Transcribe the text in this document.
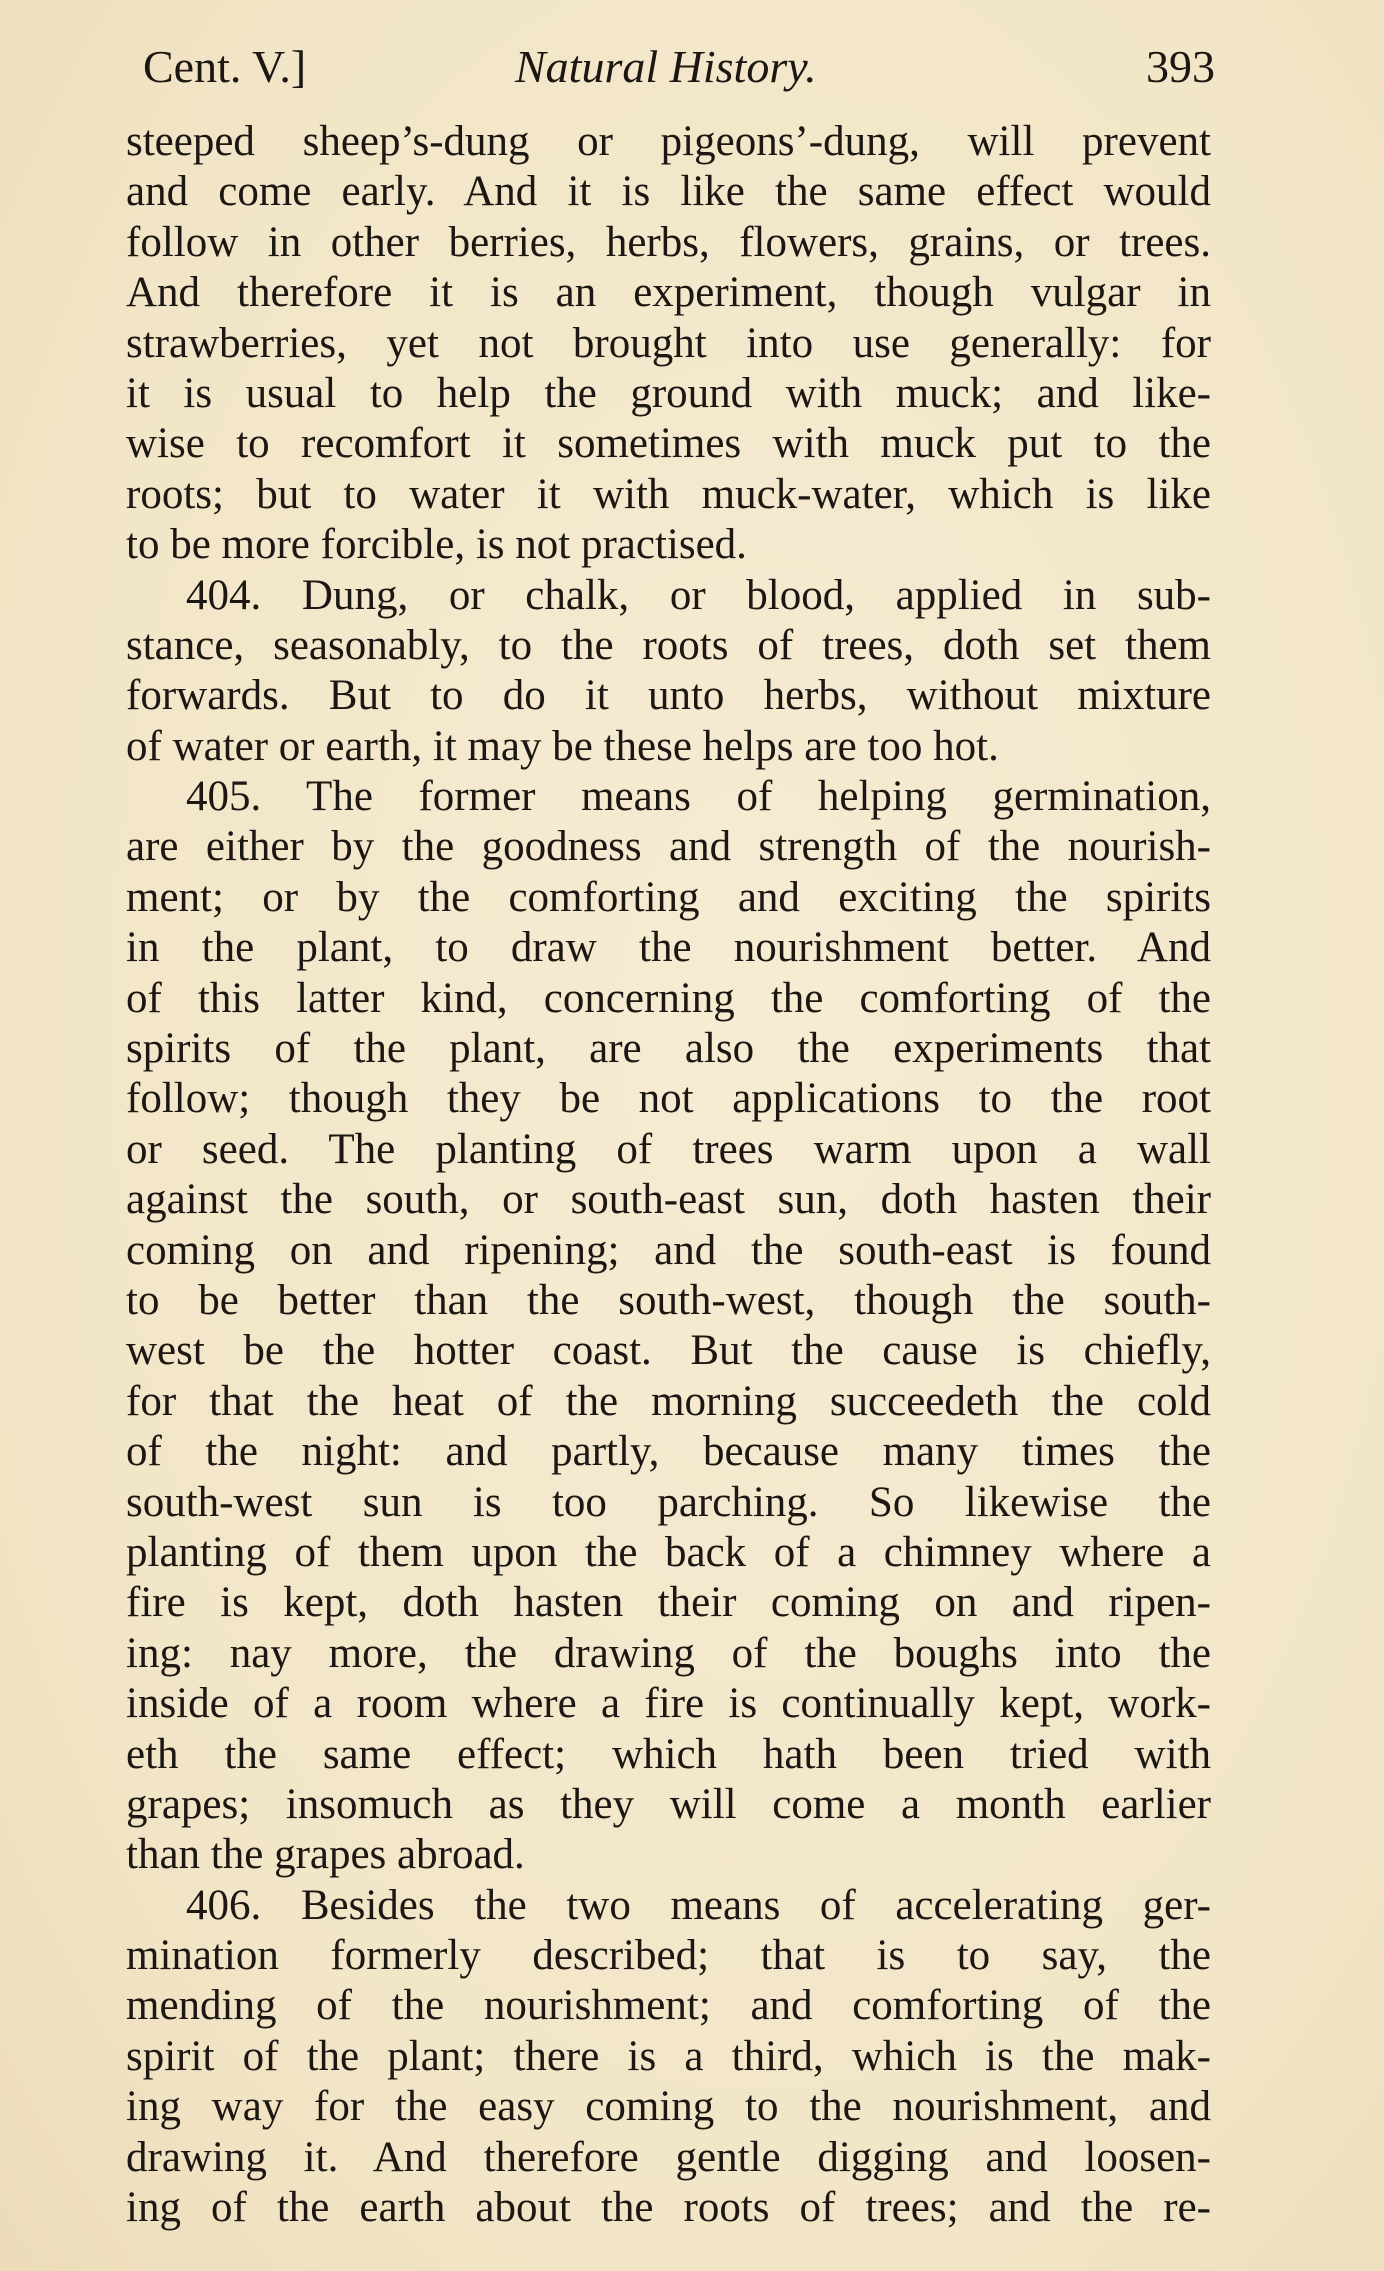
Cent. V.]	Natural History.	393
steeped sheep’s-dung or pigeons’-dung, will prevent
and come early. And it is like the same effect would
follow in other berries, herbs, flowers, grains, or trees.
And therefore it is an experiment, though vulgar in
strawberries, yet not brought into use generally: for
it is usual to help the ground with muck; and like-
wise to recomfort it sometimes with muck put to the
roots; but to water it with muck-water, which is like
to be more forcible, is not practised.
404. Dung, or chalk, or blood, applied in sub-
stance, seasonably, to the roots of trees, doth set them
forwards. But to do it unto herbs, without mixture
of water or earth, it may be these helps are too hot.
405. The former means of helping germination,
are either by the goodness and strength of the nourish-
ment; or by the comforting and exciting the spirits
in the plant, to draw the nourishment better. And
of this latter kind, concerning the comforting of the
spirits of the plant, are also the experiments that
follow; though they be not applications to the root
or seed. The planting of trees warm upon a wall
against the south, or south-east sun, doth hasten their
coming on and ripening; and the south-east is found
to be better than the south-west, though the south-
west be the hotter coast. But the cause is chiefly,
for that the heat of the morning succeedeth the cold
of the night: and partly, because many times the
south-west sun is too parching. So likewise the
planting of them upon the back of a chimney where a
fire is kept, doth hasten their coming on and ripen-
ing: nay more, the drawing of the boughs into the
inside of a room where a fire is continually kept, work-
eth the same effect; which hath been tried with
grapes; insomuch as they will come a month earlier
than the grapes abroad.
406. Besides the two means of accelerating ger-
mination formerly described; that is to say, the
mending of the nourishment; and comforting of the
spirit of the plant; there is a third, which is the mak-
ing way for the easy coming to the nourishment, and
drawing it. And therefore gentle digging and loosen-
ing of the earth about the roots of trees; and the re-
